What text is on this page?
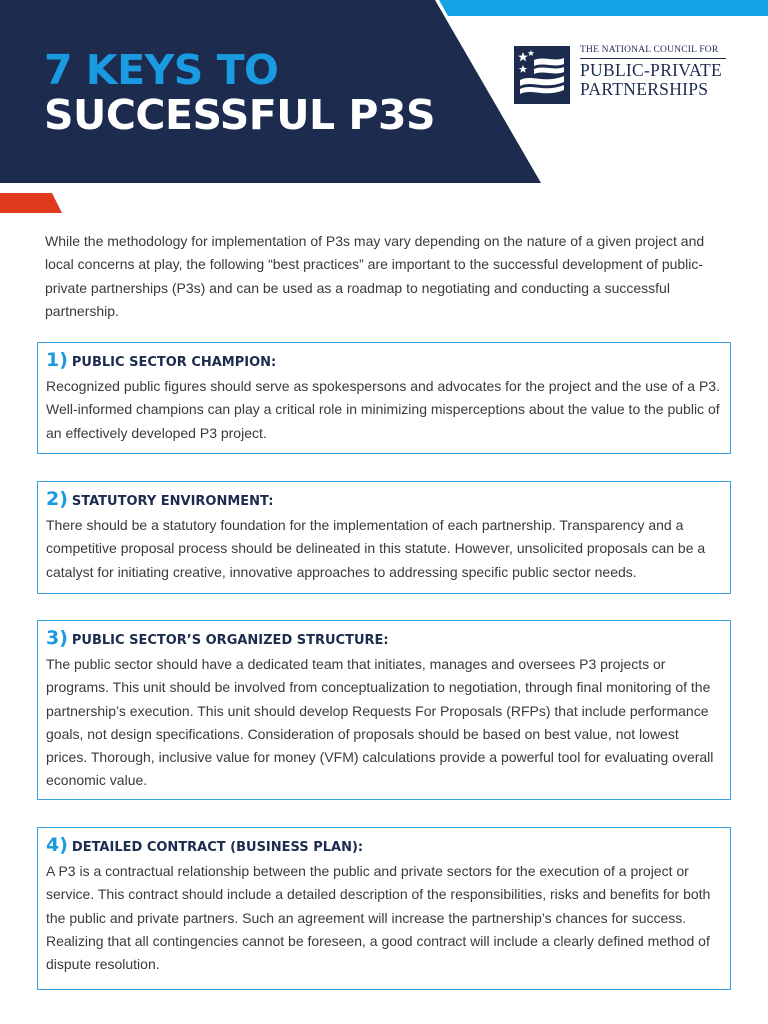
7 KEYS TO
SUCCESSFUL P3S
THE NATIONAL COUNCIL FOR
PUBLIC-PRIVATE
PARTNERSHIPS

While the methodology for implementation of P3s may vary depending on the nature of a given project and local concerns at play, the following “best practices” are important to the successful development of public-private partnerships (P3s) and can be used as a roadmap to negotiating and conducting a successful partnership.

1) PUBLIC SECTOR CHAMPION:

Recognized public figures should serve as spokespersons and advocates for the project and the use of a P3. Well-informed champions can play a critical role in minimizing misperceptions about the value to the public of an effectively developed P3 project.

2) STATUTORY ENVIRONMENT:

There should be a statutory foundation for the implementation of each partnership. Transparency and a competitive proposal process should be delineated in this statute. However, unsolicited proposals can be a catalyst for initiating creative, innovative approaches to addressing specific public sector needs.

3) PUBLIC SECTOR’S ORGANIZED STRUCTURE:

The public sector should have a dedicated team that initiates, manages and oversees P3 projects or programs. This unit should be involved from conceptualization to negotiation, through final monitoring of the partnership’s execution. This unit should develop Requests For Proposals (RFPs) that include performance goals, not design specifications. Consideration of proposals should be based on best value, not lowest prices. Thorough, inclusive value for money (VFM) calculations provide a powerful tool for evaluating overall economic value.

4) DETAILED CONTRACT (BUSINESS PLAN):

A P3 is a contractual relationship between the public and private sectors for the execution of a project or service. This contract should include a detailed description of the responsibilities, risks and benefits for both the public and private partners. Such an agreement will increase the partnership’s chances for success. Realizing that all contingencies cannot be foreseen, a good contract will include a clearly defined method of dispute resolution.
